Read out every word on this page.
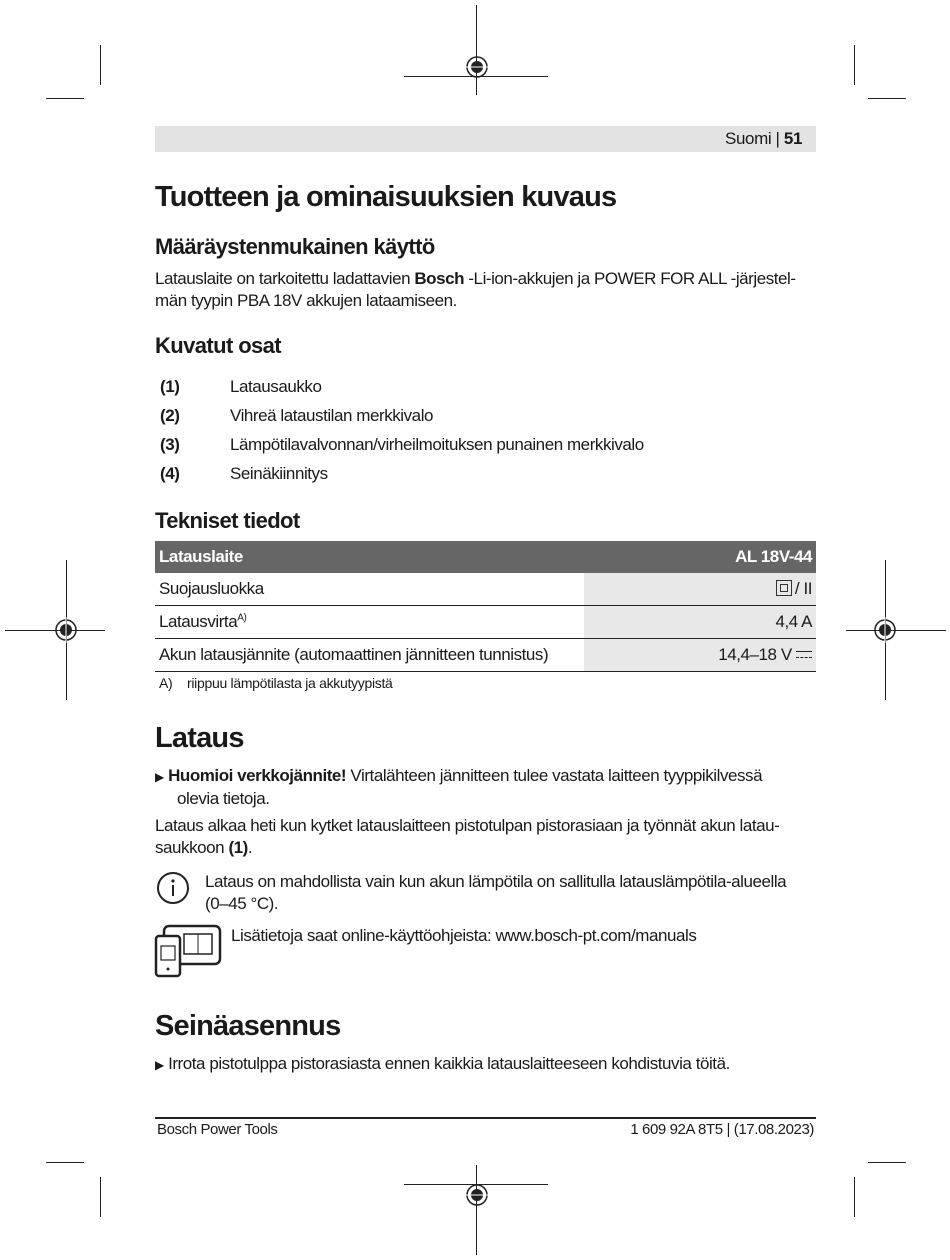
Suomi | 51
Tuotteen ja ominaisuuksien kuvaus
Määräystenmukainen käyttö
Latauslaite on tarkoitettu ladattavien Bosch -Li-ion-akkujen ja POWER FOR ALL -järjestel-
män tyypin PBA 18V akkujen lataamiseen.
Kuvatut osat
(1)	Latausaukko
(2)	Vihreä lataustilan merkkivalo
(3)	Lämpötilavalvonnan/virheilmoituksen punainen merkkivalo
(4)	Seinäkiinnitys
Tekniset tiedot
Latauslaite	AL 18V-44
Suojausluokka	/ II
Latausvirta$^{A)}$	4,4 A
Akun latausjännite (automaattinen jännitteen tunnistus)	14,4–18 V
A) riippuu lämpötilasta ja akkutyypistä
Lataus
▶ Huomioi verkkojännite! Virtalähteen jännitteen tulee vastata laitteen tyyppikilvessä
olevia tietoja.
Lataus alkaa heti kun kytket latauslaitteen pistotulpan pistorasiaan ja työnnät akun latau-
saukkoon (1).
Lataus on mahdollista vain kun akun lämpötila on sallitulla latauslämpötila-alueella
(0–45 °C).
Lisätietoja saat online-käyttöohjeista: www.bosch-pt.com/manuals
Seinäasennus
▶ Irrota pistotulppa pistorasiasta ennen kaikkia latauslaitteeseen kohdistuvia töitä.
Bosch Power Tools	1 609 92A 8T5 | (17.08.2023)
